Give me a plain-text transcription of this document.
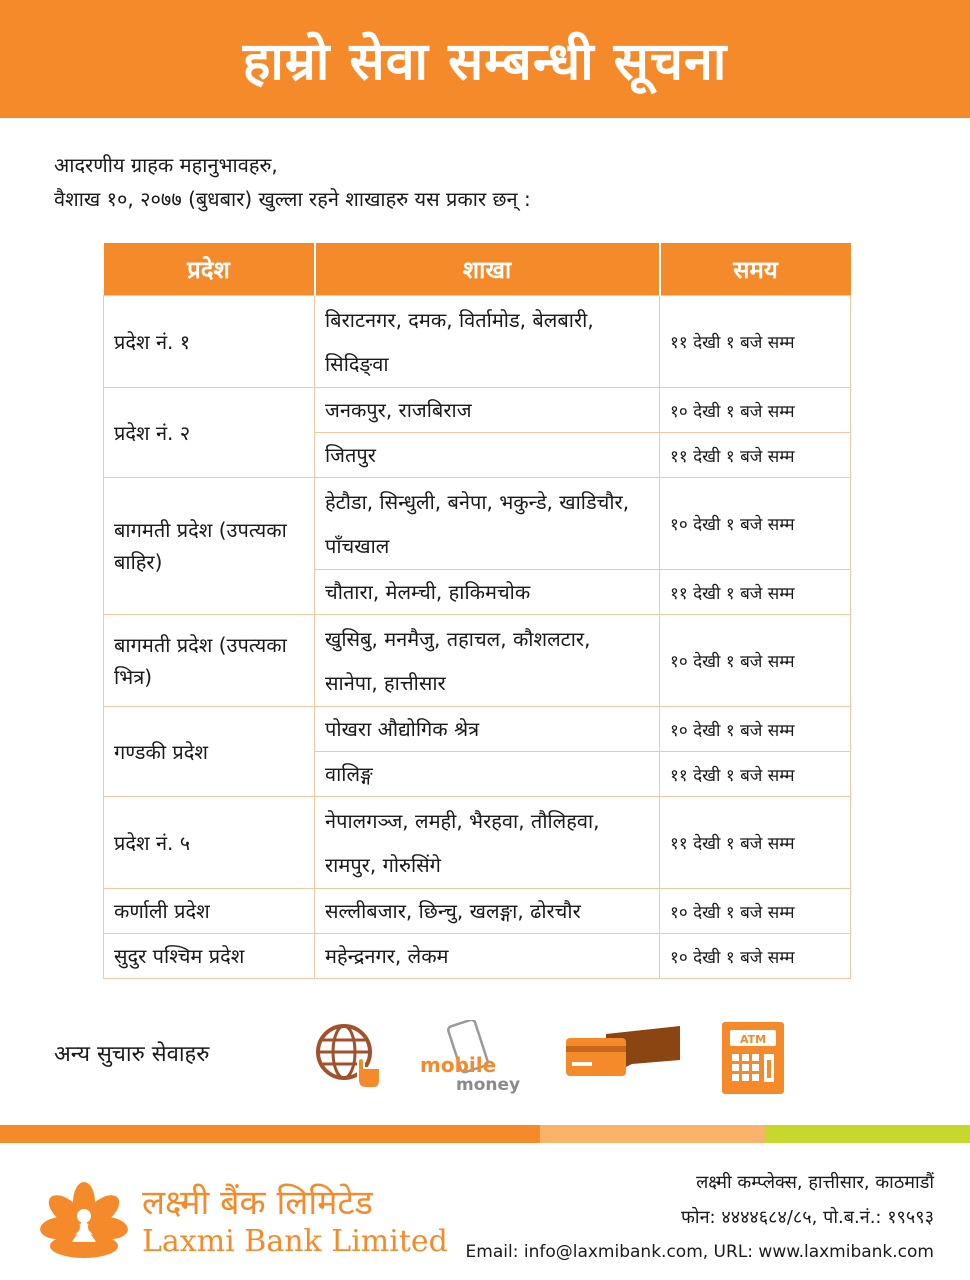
हाम्रो सेवा सम्बन्धी सूचना
आदरणीय ग्राहक महानुभावहरु,
वैशाख १०, २०७७ (बुधबार) खुल्ला रहने शाखाहरु यस प्रकार छन् :
प्रदेश	शाखा	समय
प्रदेश नं. १	बिराटनगर, दमक, विर्तामोड, बेलबारी, सिदिङ्वा	११ देखी १ बजे सम्म
प्रदेश नं. २	जनकपुर, राजबिराज	१० देखी १ बजे सम्म
	जितपुर	११ देखी १ बजे सम्म
बागमती प्रदेश (उपत्यका बाहिर)	हेटौडा, सिन्धुली, बनेपा, भकुन्डे, खाडिचौर, पाँचखाल	१० देखी १ बजे सम्म
	चौतारा, मेलम्ची, हाकिमचोक	११ देखी १ बजे सम्म
बागमती प्रदेश (उपत्यका भित्र)	खुसिबु, मनमैजु, तहाचल, कौशलटार, सानेपा, हात्तीसार	१० देखी १ बजे सम्म
गण्डकी प्रदेश	पोखरा औद्योगिक श्रेत्र	१० देखी १ बजे सम्म
	वालिङ्ग	११ देखी १ बजे सम्म
प्रदेश नं. ५	नेपालगञ्ज, लमही, भैरहवा, तौलिहवा, रामपुर, गोरुसिंगे	११ देखी १ बजे सम्म
कर्णाली प्रदेश	सल्लीबजार, छिन्चु, खलङ्गा, ढोरचौर	१० देखी १ बजे सम्म
सुदुर पश्चिम प्रदेश	महेन्द्रनगर, लेकम	१० देखी १ बजे सम्म
अन्य सुचारु सेवाहरु	mobile
money
ATM
लक्ष्मी बैंक लिमिटेड
Laxmi Bank Limited
लक्ष्मी कम्प्लेक्स, हात्तीसार, काठमाडौं
फोन: ४४४४६८४/८५, पो.ब.नं.: १९५९३
Email: info@laxmibank.com, URL: www.laxmibank.com
